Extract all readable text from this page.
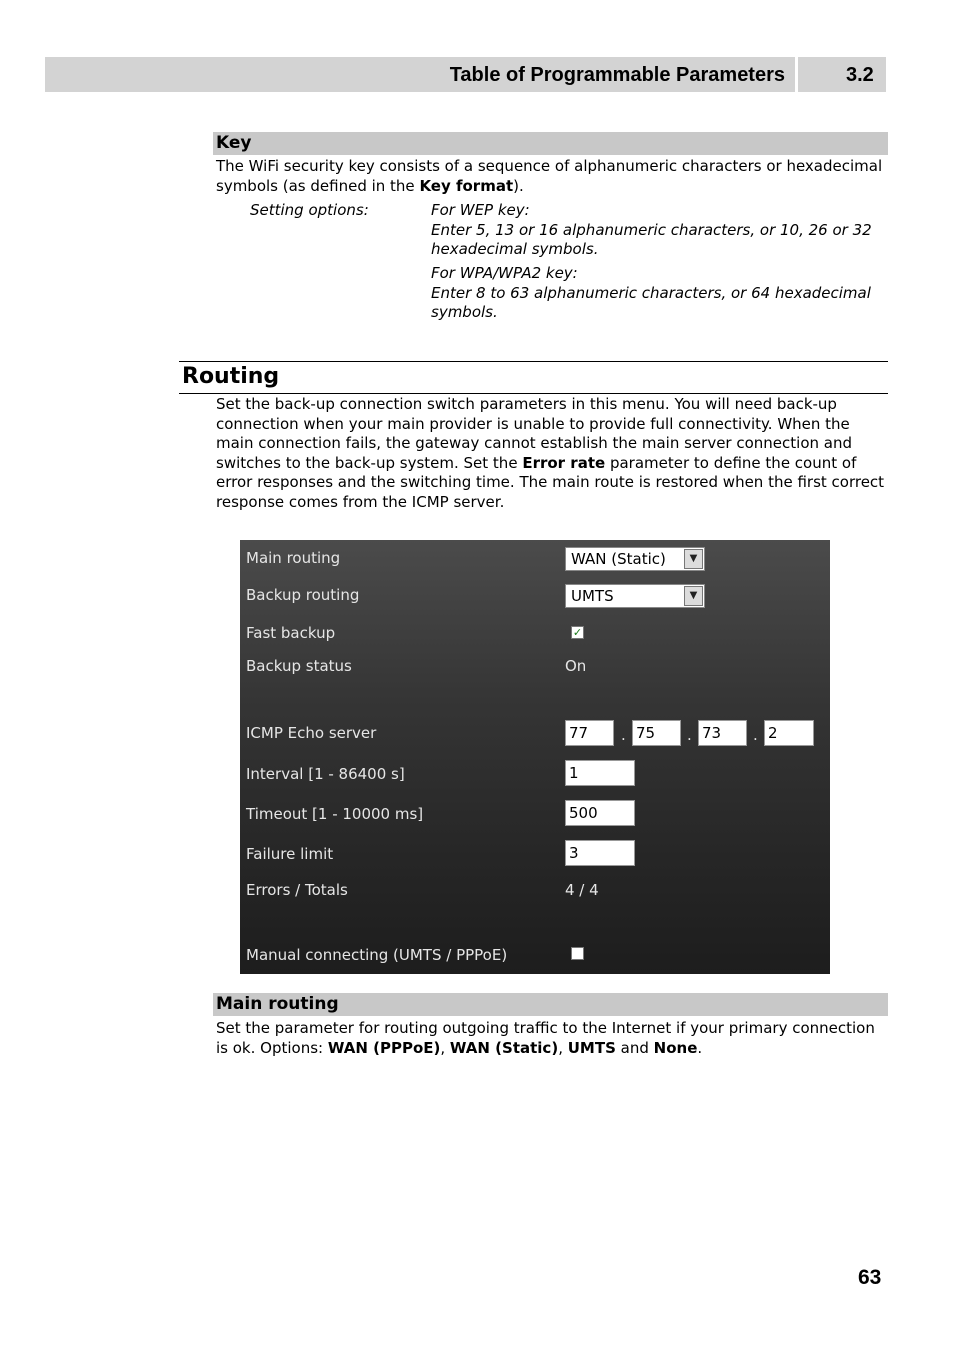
Table of Programmable Parameters	3.2
Key
The WiFi security key consists of a sequence of alphanumeric characters or hexadecimal symbols (as defined in the Key format).
Setting options:	For WEP key:
Enter 5, 13 or 16 alphanumeric characters, or 10, 26 or 32 hexadecimal symbols.
For WPA/WPA2 key:
Enter 8 to 63 alphanumeric characters, or 64 hexadecimal symbols.
Routing
Set the back-up connection switch parameters in this menu. You will need back-up connection when your main provider is unable to provide full connectivity. When the main connection fails, the gateway cannot establish the main server connection and switches to the back-up system. Set the Error rate parameter to define the count of error responses and the switching time. The main route is restored when the first correct response comes from the ICMP server.
Main routing	WAN (Static)	▼
Backup routing	UMTS	▼
Fast backup	✓
Backup status	On
ICMP Echo server	77	. 75	. 73	. 2
Interval [1 - 86400 s]	1
Timeout [1 - 10000 ms]	500
Failure limit	3
Errors / Totals	4 / 4
Manual connecting (UMTS / PPPoE)
Main routing
Set the parameter for routing outgoing traffic to the Internet if your primary connection is ok. Options: WAN (PPPoE), WAN (Static), UMTS and None.
63
